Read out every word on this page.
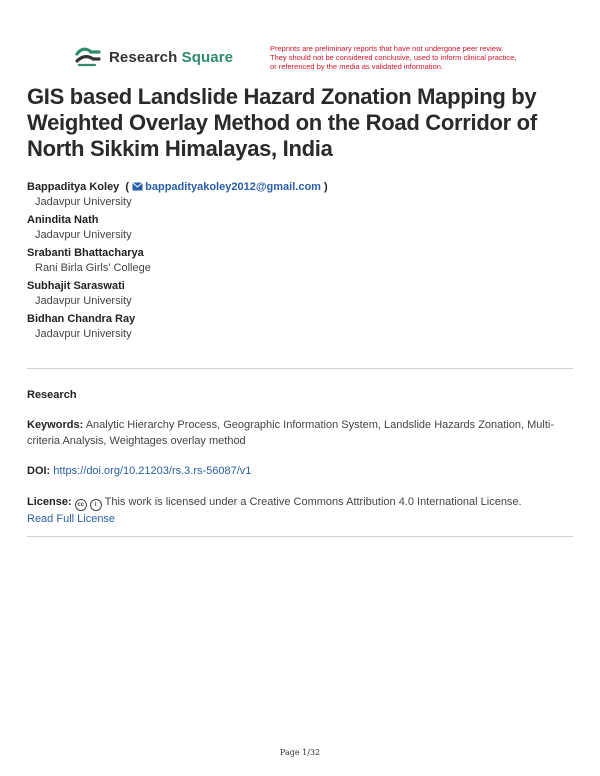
Research Square	Preprints are preliminary reports that have not undergone peer review.
They should not be considered conclusive, used to inform clinical practice,
or referenced by the media as validated information.
GIS based Landslide Hazard Zonation Mapping by Weighted Overlay Method on the Road Corridor of North Sikkim Himalayas, India
Bappaditya Koley  ( bappadityakoley2012@gmail.com )
Jadavpur University
Anindita Nath
Jadavpur University
Srabanti Bhattacharya
Rani Birla Girls' College
Subhajit Saraswati
Jadavpur University
Bidhan Chandra Ray
Jadavpur University
Research
Keywords: Analytic Hierarchy Process, Geographic Information System, Landslide Hazards Zonation, Multi-criteria Analysis, Weightages overlay method
DOI: https://doi.org/10.21203/rs.3.rs-56087/v1
License: cc i This work is licensed under a Creative Commons Attribution 4.0 International License.
Read Full License
Page 1/32
